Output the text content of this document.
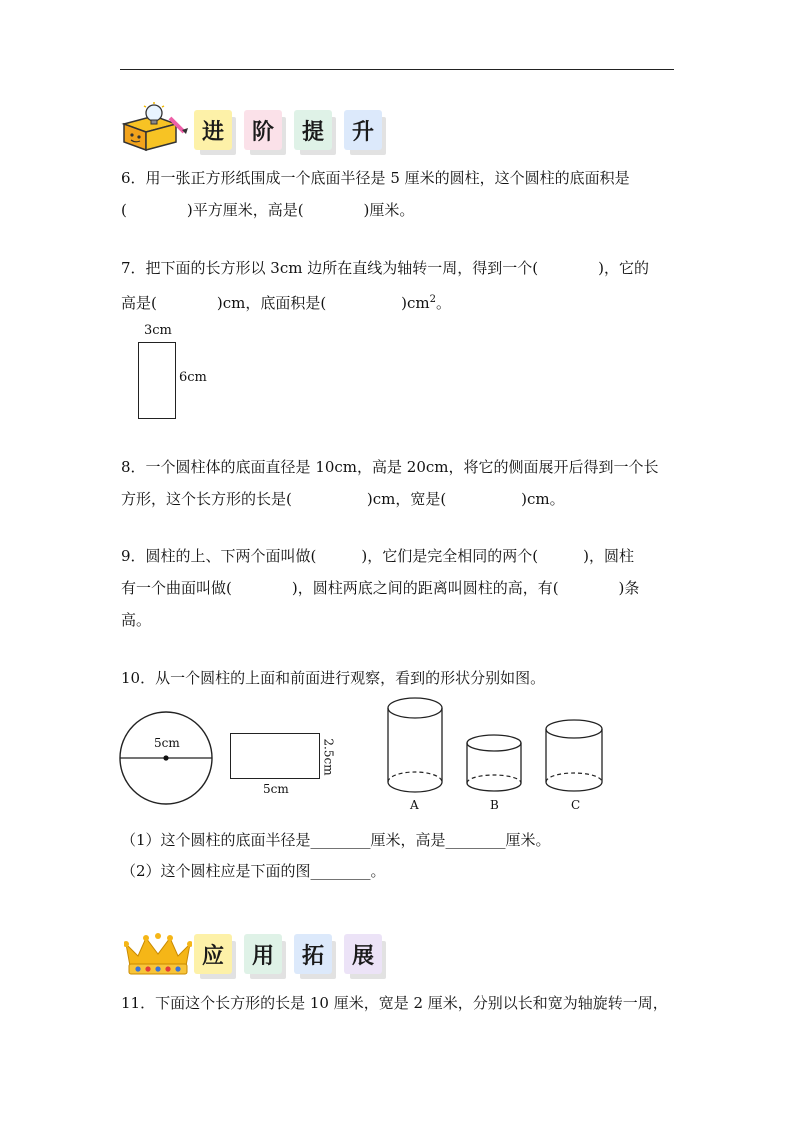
进	阶	提	升
6．用一张正方形纸围成一个底面半径是 5 厘米的圆柱，这个圆柱的底面积是
(　　　　)平方厘米，高是(　　　　)厘米。
7．把下面的长方形以 3cm 边所在直线为轴转一周，得到一个(　　　　)，它的
高是(　　　　)cm，底面积是(　　　　　)$cm^2$。
3cm
6cm
8．一个圆柱体的底面直径是 10cm，高是 20cm，将它的侧面展开后得到一个长
方形，这个长方形的长是(　　　　　)cm，宽是(　　　　　)cm。
9．圆柱的上、下两个面叫做(　　　)，它们是完全相同的两个(　　　)，圆柱
有一个曲面叫做(　　　　)，圆柱两底之间的距离叫圆柱的高，有(　　　　)条
高。
10．从一个圆柱的上面和前面进行观察，看到的形状分别如图。
5cm
5cm
2.5cm
A	B	C
（1）这个圆柱的底面半径是________厘米，高是________厘米。
（2）这个圆柱应是下面的图________。
应	用	拓	展
11．下面这个长方形的长是 10 厘米，宽是 2 厘米，分别以长和宽为轴旋转一周，
